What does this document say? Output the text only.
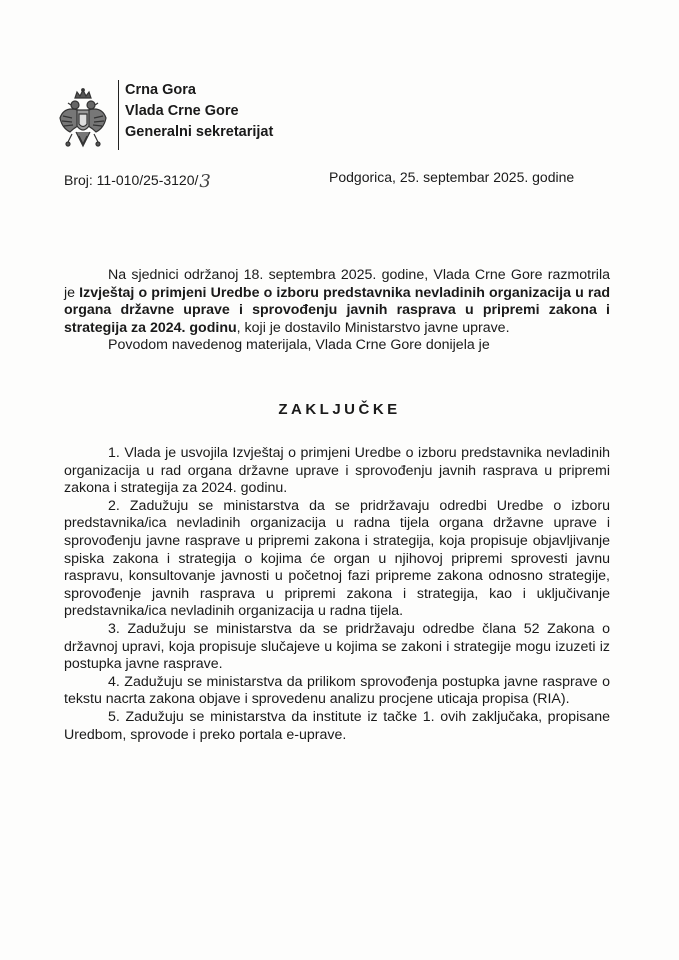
Crna Gora
Vlada Crne Gore
Generalni sekretarijat
Broj: 11-010/25-3120/3	Podgorica, 25. septembar 2025. godine

Na sjednici održanoj 18. septembra 2025. godine, Vlada Crne Gore razmotrila je Izvještaj o primjeni Uredbe o izboru predstavnika nevladinih organizacija u rad organa državne uprave i sprovođenju javnih rasprava u pripremi zakona i strategija za 2024. godinu, koji je dostavilo Ministarstvo javne uprave.

Povodom navedenog materijala, Vlada Crne Gore donijela je

ZAKLJUČKE

1. Vlada je usvojila Izvještaj o primjeni Uredbe o izboru predstavnika nevladinih organizacija u rad organa državne uprave i sprovođenju javnih rasprava u pripremi zakona i strategija za 2024. godinu.

2. Zadužuju se ministarstva da se pridržavaju odredbi Uredbe o izboru predstavnika/ica nevladinih organizacija u radna tijela organa državne uprave i sprovođenju javne rasprave u pripremi zakona i strategija, koja propisuje objavljivanje spiska zakona i strategija o kojima će organ u njihovoj pripremi sprovesti javnu raspravu, konsultovanje javnosti u početnoj fazi pripreme zakona odnosno strategije, sprovođenje javnih rasprava u pripremi zakona i strategija, kao i uključivanje predstavnika/ica nevladinih organizacija u radna tijela.

3. Zadužuju se ministarstva da se pridržavaju odredbe člana 52 Zakona o državnoj upravi, koja propisuje slučajeve u kojima se zakoni i strategije mogu izuzeti iz postupka javne rasprave.

4. Zadužuju se ministarstva da prilikom sprovođenja postupka javne rasprave o tekstu nacrta zakona objave i sprovedenu analizu procjene uticaja propisa (RIA).

5. Zadužuju se ministarstva da institute iz tačke 1. ovih zaključaka, propisane Uredbom, sprovode i preko portala e-uprave.
